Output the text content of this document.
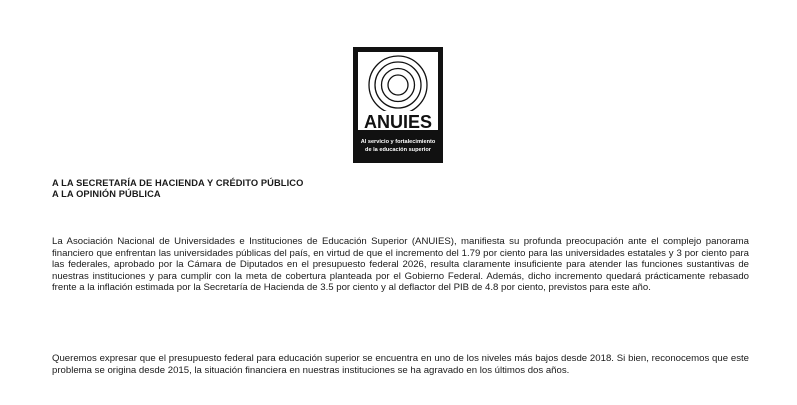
ANUIES
Al servicio y fortalecimiento
de la educación superior
A LA SECRETARÍA DE HACIENDA Y CRÉDITO PÚBLICO
A LA OPINIÓN PÚBLICA

La Asociación Nacional de Universidades e Instituciones de Educación Superior (ANUIES), manifiesta su profunda preocupación ante el complejo panorama financiero que enfrentan las universidades públicas del país, en virtud de que el incremento del 1.79 por ciento para las universidades estatales y 3 por ciento para las federales, aprobado por la Cámara de Diputados en el presupuesto federal 2026, resulta claramente insuficiente para atender las funciones sustantivas de nuestras instituciones y para cumplir con la meta de cobertura planteada por el Gobierno Federal. Además, dicho incremento quedará prácticamente rebasado frente a la inflación estimada por la Secretaría de Hacienda de 3.5 por ciento y al deflactor del PIB de 4.8 por ciento, previstos para este año.

Queremos expresar que el presupuesto federal para educación superior se encuentra en uno de los niveles más bajos desde 2018. Si bien, reconocemos que este problema se origina desde 2015, la situación financiera en nuestras instituciones se ha agravado en los últimos dos años.
